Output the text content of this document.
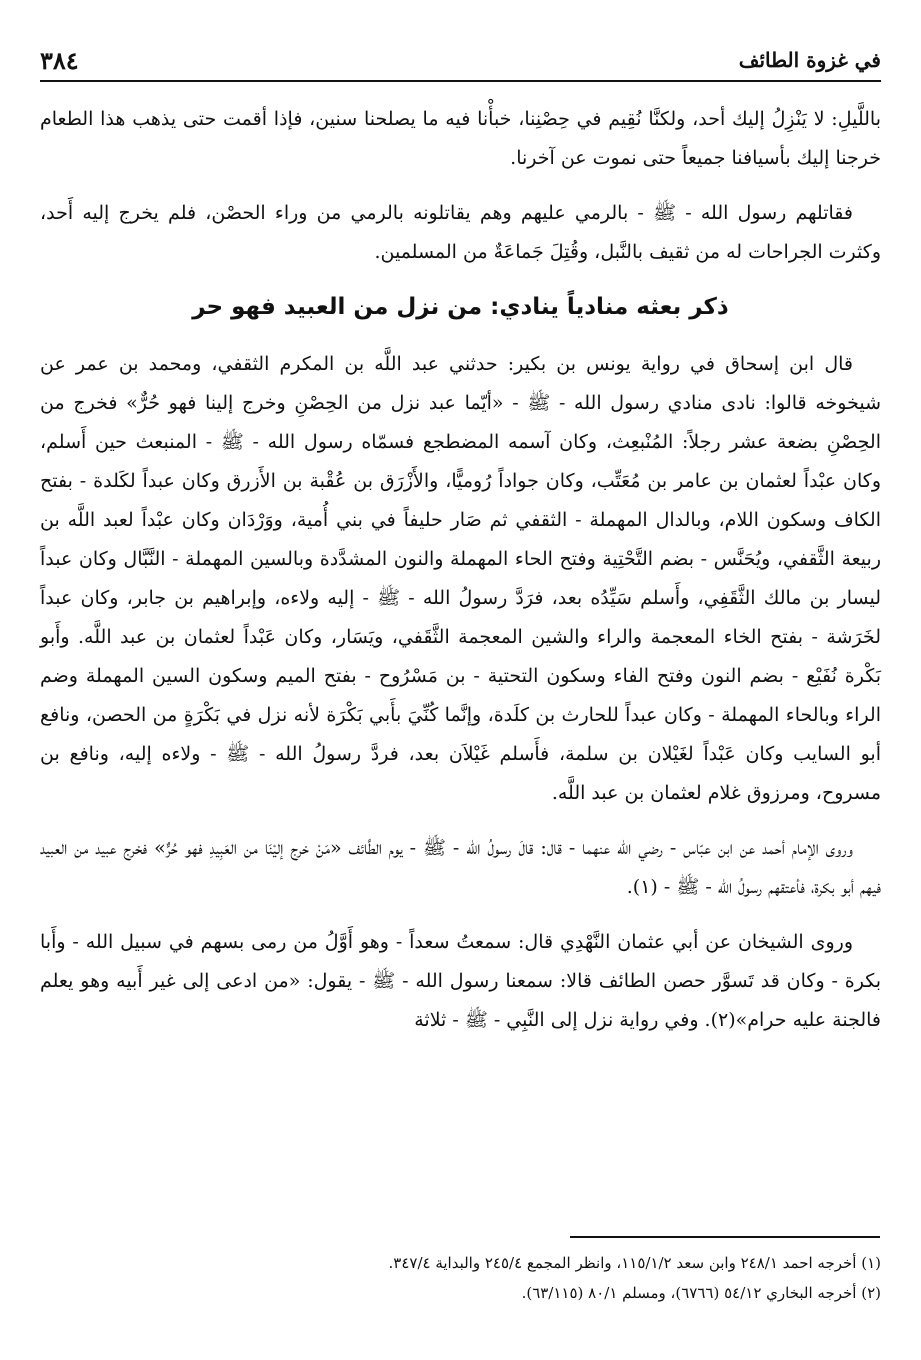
في غزوة الطائف
٣٨٤

باللَّيلِ: لا يَنْزِلُ إليك أحد، ولكنَّا نُقِيم في حِصْنِنا، خبأْنا فيه ما يصلحنا سنين، فإذا أقمت حتى يذهب هذا الطعام خرجنا إليك بأسيافنا جميعاً حتى نموت عن آخرنا.

فقاتلهم رسول الله - ﷺ - بالرمي عليهم وهم يقاتلونه بالرمي من وراء الحصْن، فلم يخرج إليه أَحد، وكثرت الجراحات له من ثقيف بالنَّبل، وقُتِلَ جَماعَةٌ من المسلمين.

ذكر بعثه منادياً ينادي: من نزل من العبيد فهو حر

قال ابن إسحاق في رواية يونس بن بكير: حدثني عبد اللَّه بن المكرم الثقفي، ومحمد بن عمر عن شيخوخه قالوا: نادى منادي رسول الله - ﷺ - «أيّما عبد نزل من الحِصْنِ وخرج إلينا فهو حُرٌّ» فخرج من الحِصْنِ بضعة عشر رجلاً: المُنْبعِث، وكان آسمه المضطجع فسمّاه رسول الله - ﷺ - المنبعث حين أَسلم، وكان عبْداً لعثمان بن عامر بن مُعَتِّب، وكان جواداً رُوميًّا، والأَزْرَق بن عُقْبة بن الأَزرق وكان عبداً لكَلدة - بفتح الكاف وسكون اللام، وبالدال المهملة - الثقفي ثم صَار حليفاً في بني أُمية، ووَرْدَان وكان عبْداً لعبد اللَّه بن ربيعة الثَّقفي، ويُحَنَّس - بضم التَّحْتِية وفتح الحاء المهملة والنون المشدَّدة وبالسين المهملة - النَّبَّال وكان عبداً ليسار بن مالك الثَّقَفِي، وأَسلم سَيِّدُه بعد، فرَدَّ رسولُ الله - ﷺ - إليه ولاءه، وإبراهيم بن جابر، وكان عبداً لخَرَشة - بفتح الخاء المعجمة والراء والشين المعجمة الثَّقَفي، ويَسَار، وكان عَبْداً لعثمان بن عبد اللَّه. وأَبو بَكْرة نُفَيْع - بضم النون وفتح الفاء وسكون التحتية - بن مَسْرُوح - بفتح الميم وسكون السين المهملة وضم الراء وبالحاء المهملة - وكان عبداً للحارث بن كلَدة، وإنَّما كُنِّيَ بأَبي بَكْرَة لأنه نزل في بَكْرَةٍ من الحصن، ونافع أبو السايب وكان عَبْداً لغَيْلان بن سلمة، فأَسلم غَيْلاَن بعد، فردَّ رسولُ الله - ﷺ - ولاءه إليه، ونافع بن مسروح، ومرزوق غلام لعثمان بن عبد اللَّه.

وروى الإمام أحمد عن ابن عبّاس - رضي الله عنهما - قال: قالَ رسولُ الله - ﷺ - يوم الطَّائف «مَنْ خرج إليْنَا من العَبِيدِ فهو حُرٌّ» فخرج عبيد من العبيد فيهم أبو بكرة، فأعتقهم رسولُ الله - ﷺ - (١).

وروى الشيخان عن أبي عثمان النَّهْدِي قال: سمعتُ سعداً - وهو أَوَّلُ من رمى بسهم في سبيل الله - وأَبا بكرة - وكان قد تَسوَّر حصن الطائف قالا: سمعنا رسول الله - ﷺ - يقول: «من ادعى إلى غير أَبيه وهو يعلم فالجنة عليه حرام»(٢). وفي رواية نزل إلى النَّبِي - ﷺ - ثلاثة

(١) أخرجه احمد ٢٤٨/١ وابن سعد ١١٥/١/٢، وانظر المجمع ٢٤٥/٤ والبداية ٣٤٧/٤.
(٢) أخرجه البخاري ٥٤/١٢ (٦٧٦٦)، ومسلم ٨٠/١ (٦٣/١١٥).
